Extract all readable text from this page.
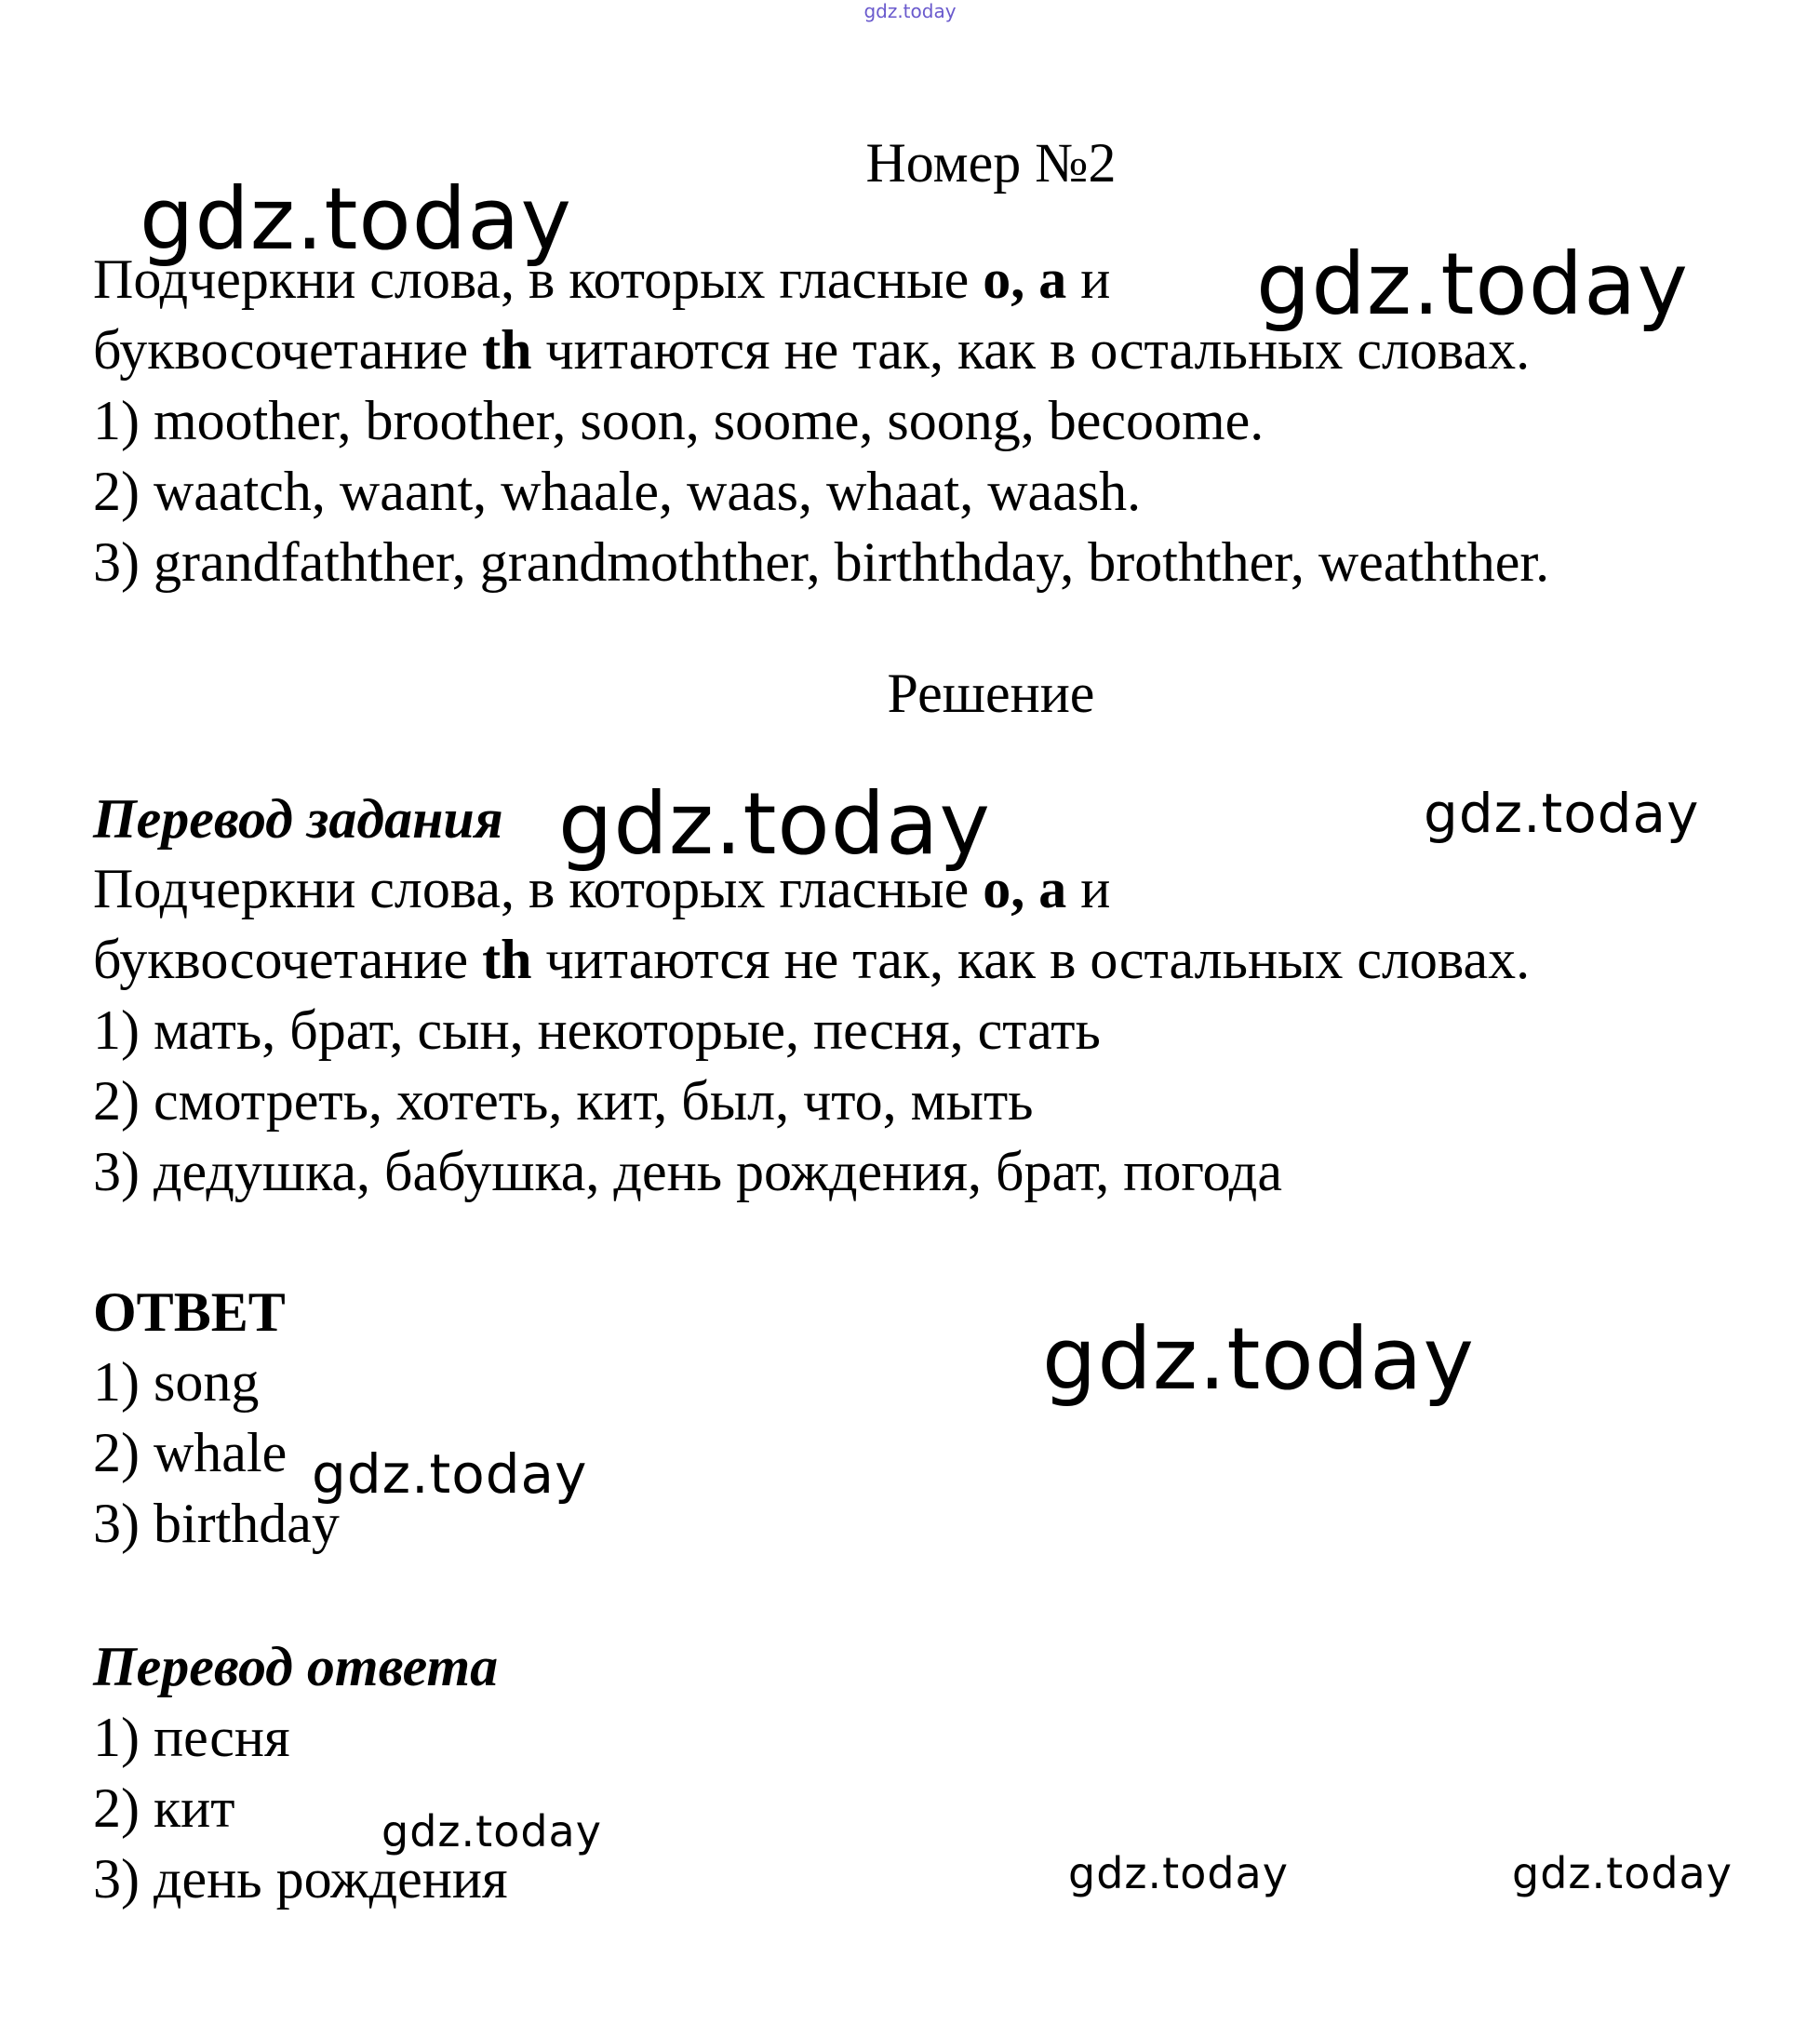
gdz.today
Номер №2
Подчеркни слова, в которых гласные о, а и
буквосочетание th читаются не так, как в остальных словах.
1) moother, broother, soon, soome, soong, becoome.
2) waatch, waant, whaale, waas, whaat, waash.
3) grandfathther, grandmothther, birththday, brothther, weathther.
Решение
Перевод задания
Подчеркни слова, в которых гласные о, а и
буквосочетание th читаются не так, как в остальных словах.
1) мать, брат, сын, некоторые, песня, стать
2) смотреть, хотеть, кит, был, что, мыть
3) дедушка, бабушка, день рождения, брат, погода
ОТВЕТ
1) song
2) whale
3) birthday
Перевод ответа
1) песня
2) кит
3) день рождения
gdz.today
gdz.today
gdz.today	gdz.today
gdz.today
gdz.today
gdz.today
gdz.today	gdz.today
